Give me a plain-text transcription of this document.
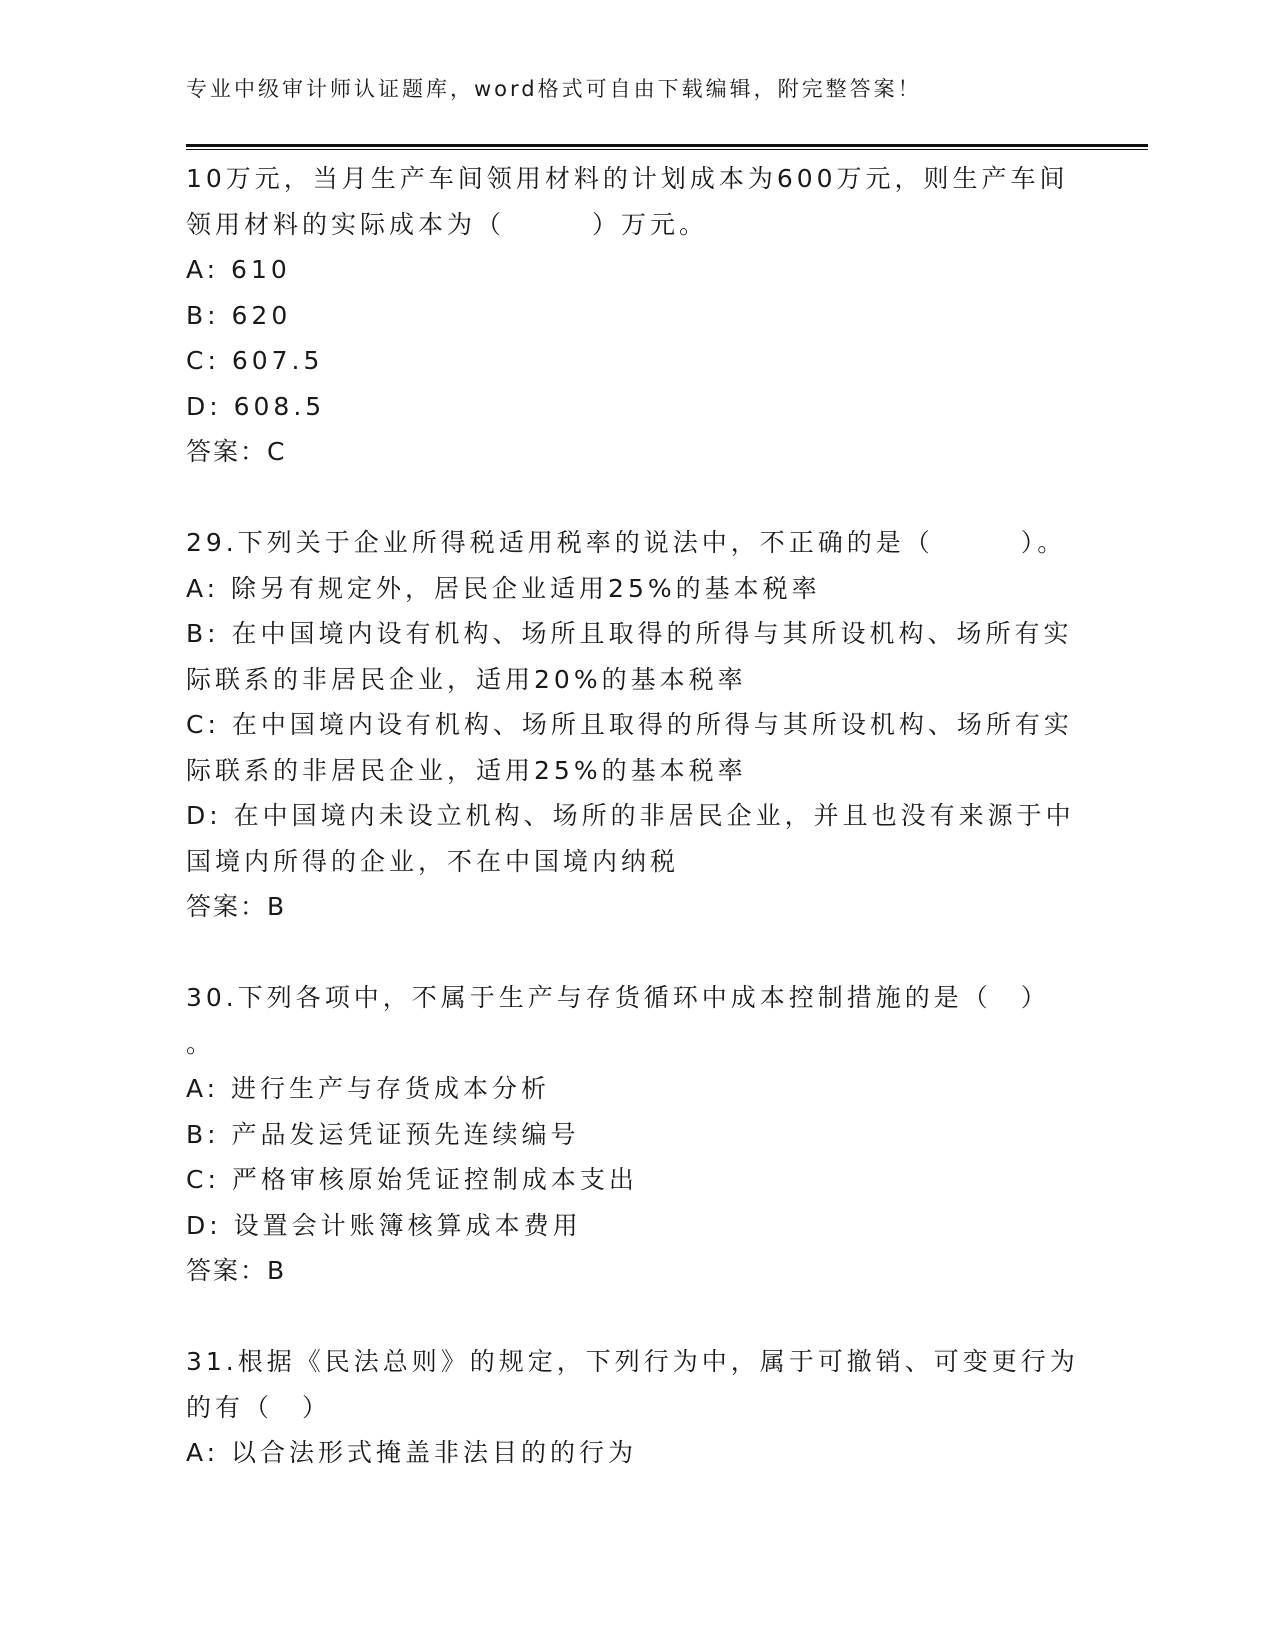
专业中级审计师认证题库，word格式可自由下载编辑，附完整答案！
10万元，当月生产车间领用材料的计划成本为600万元，则生产车间
领用材料的实际成本为（　　　）万元。
A: 610
B: 620
C: 607.5
D: 608.5
答案：C
29.下列关于企业所得税适用税率的说法中，不正确的是（　　　）。
A: 除另有规定外，居民企业适用25%的基本税率
B: 在中国境内设有机构、场所且取得的所得与其所设机构、场所有实
际联系的非居民企业，适用20%的基本税率
C: 在中国境内设有机构、场所且取得的所得与其所设机构、场所有实
际联系的非居民企业，适用25%的基本税率
D: 在中国境内未设立机构、场所的非居民企业，并且也没有来源于中
国境内所得的企业，不在中国境内纳税
答案：B
30.下列各项中，不属于生产与存货循环中成本控制措施的是（　）
。
A: 进行生产与存货成本分析
B: 产品发运凭证预先连续编号
C: 严格审核原始凭证控制成本支出
D: 设置会计账簿核算成本费用
答案：B
31.根据《民法总则》的规定，下列行为中，属于可撤销、可变更行为
的有（　）
A: 以合法形式掩盖非法目的的行为
